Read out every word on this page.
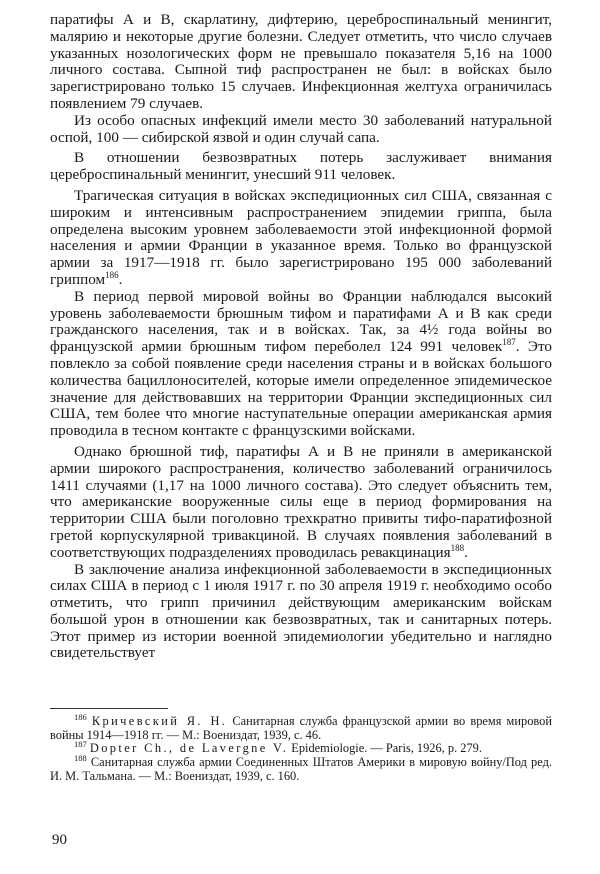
паратифы А и В, скарлатину, дифтерию, цереброспинальный менингит, малярию и некоторые другие болезни. Следует отметить, что число случаев указанных нозологических форм не превышало показателя 5,16 на 1000 личного состава. Сыпной тиф распространен не был: в войсках было зарегистрировано только 15 случаев. Инфекционная желтуха ограничилась появлением 79 случаев.

Из особо опасных инфекций имели место 30 заболеваний натуральной оспой, 100 — сибирской язвой и один случай сапа.

В отношении безвозвратных потерь заслуживает внимания цереброспинальный менингит, унесший 911 человек.

Трагическая ситуация в войсках экспедиционных сил США, связанная с широким и интенсивным распространением эпидемии гриппа, была определена высоким уровнем заболеваемости этой инфекционной формой населения и армии Франции в указанное время. Только во французской армии за 1917—1918 гг. было зарегистрировано 195 000 заболеваний гриппом$^{186}$.

В период первой мировой войны во Франции наблюдался высокий уровень заболеваемости брюшным тифом и паратифами А и В как среди гражданского населения, так и в войсках. Так, за 4½ года войны во французской армии брюшным тифом переболел 124 991 человек$^{187}$. Это повлекло за собой появление среди населения страны и в войсках большого количества бациллоносителей, которые имели определенное эпидемическое значение для действовавших на территории Франции экспедиционных сил США, тем более что многие наступательные операции американская армия проводила в тесном контакте с французскими войсками.

Однако брюшной тиф, паратифы А и В не приняли в американской армии широкого распространения, количество заболеваний ограничилось 1411 случаями (1,17 на 1000 личного состава). Это следует объяснить тем, что американские вооруженные силы еще в период формирования на территории США были поголовно трехкратно привиты тифо-паратифозной гретой корпускулярной тривакциной. В случаях появления заболеваний в соответствующих подразделениях проводилась ревакцинация$^{188}$.

В заключение анализа инфекционной заболеваемости в экспедиционных силах США в период с 1 июля 1917 г. по 30 апреля 1919 г. необходимо особо отметить, что грипп причинил действующим американским войскам большой урон в отношении как безвозвратных, так и санитарных потерь. Этот пример из истории военной эпидемиологии убедительно и наглядно свидетельствует

$^{186}$ Кричевский Я. Н. Санитарная служба французской армии во время мировой войны 1914—1918 гг. — М.: Воениздат, 1939, с. 46.

$^{187}$ Dopter Ch., de Lavergne V. Epidemiologie. — Paris, 1926, p. 279.

$^{188}$ Санитарная служба армии Соединенных Штатов Америки в мировую войну/Под ред. И. М. Тальмана. — М.: Воениздат, 1939, с. 160.

90
